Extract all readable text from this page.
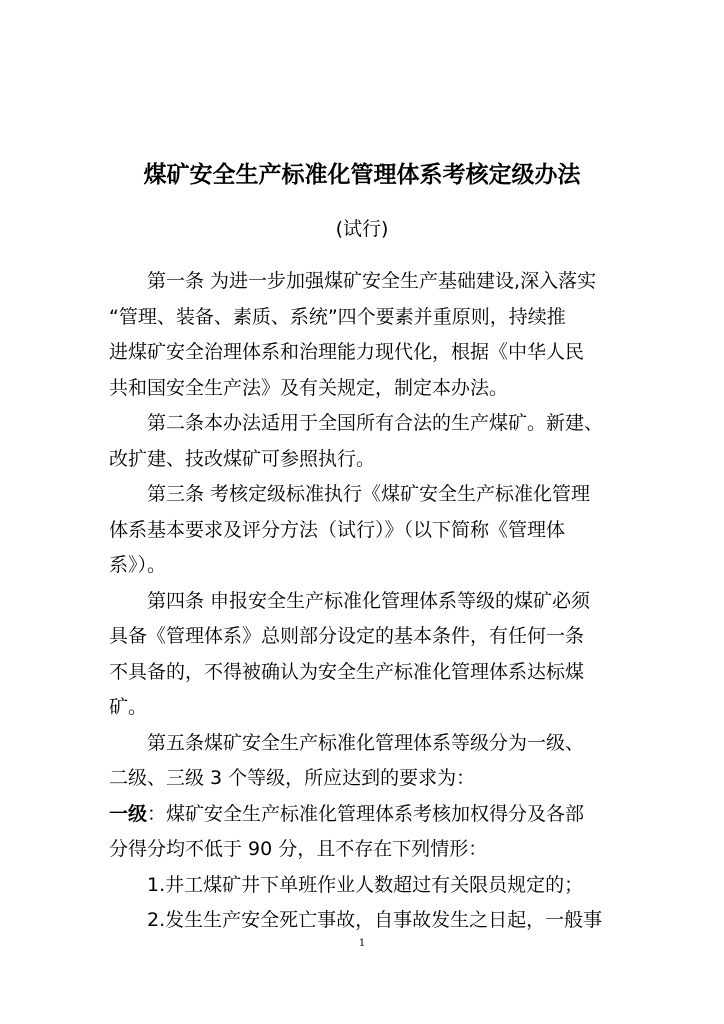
煤矿安全生产标准化管理体系考核定级办法
(试行)
第一条 为进一步加强煤矿安全生产基础建设,深入落实
“管理、装备、素质、系统”四个要素并重原则，持续推
进煤矿安全治理体系和治理能力现代化，根据《中华人民
共和国安全生产法》及有关规定，制定本办法。
第二条本办法适用于全国所有合法的生产煤矿。新建、
改扩建、技改煤矿可参照执行。
第三条 考核定级标准执行《煤矿安全生产标准化管理
体系基本要求及评分方法（试行）》（以下简称《管理体
系》）。
第四条 申报安全生产标准化管理体系等级的煤矿必须
具备《管理体系》总则部分设定的基本条件，有任何一条
不具备的，不得被确认为安全生产标准化管理体系达标煤
矿。
第五条煤矿安全生产标准化管理体系等级分为一级、
二级、三级 3 个等级，所应达到的要求为：
一级：煤矿安全生产标准化管理体系考核加权得分及各部
分得分均不低于 90 分，且不存在下列情形：
1.井工煤矿井下单班作业人数超过有关限员规定的；
2.发生生产安全死亡事故，自事故发生之日起，一般事
1
